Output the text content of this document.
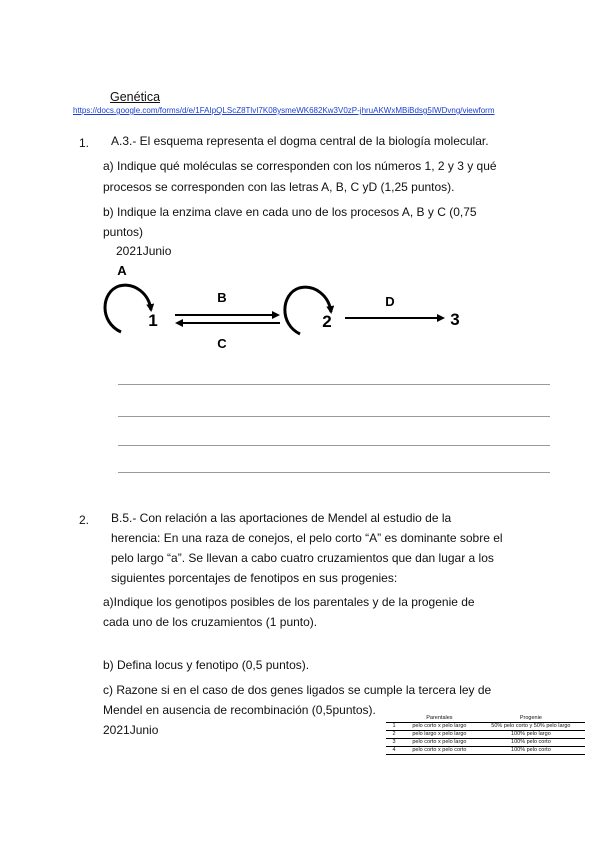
Genética
https://docs.google.com/forms/d/e/1FAIpQLScZ8TlvI7K08ysmeWK682Kw3V0zP-jhruAKWxMBiBdsg5IWDvng/viewform
1. A.3.- El esquema representa el dogma central de la biología molecular.
a) Indique qué moléculas se corresponden con los números 1, 2 y 3 y qué
procesos se corresponden con las letras A, B, C yD (1,25 puntos).
b) Indique la enzima clave en cada uno de los procesos A, B y C (0,75
puntos)
2021Junio
A
1
B
C
2
D
3
2. B.5.- Con relación a las aportaciones de Mendel al estudio de la
herencia: En una raza de conejos, el pelo corto “A” es dominante sobre el
pelo largo “a”. Se llevan a cabo cuatro cruzamientos que dan lugar a los
siguientes porcentajes de fenotipos en sus progenies:
a)Indique los genotipos posibles de los parentales y de la progenie de
cada uno de los cruzamientos (1 punto).
b) Defina locus y fenotipo (0,5 puntos).
c) Razone si en el caso de dos genes ligados se cumple la tercera ley de
Mendel en ausencia de recombinación (0,5puntos).
2021Junio
	Parentales	Progenie
1	pelo corto x pelo largo	50% pelo corto y 50% pelo largo
2	pelo largo x pelo largo	100% pelo largo
3	pelo corto x pelo largo	100% pelo corto
4	pelo corto x pelo corto	100% pelo corto
